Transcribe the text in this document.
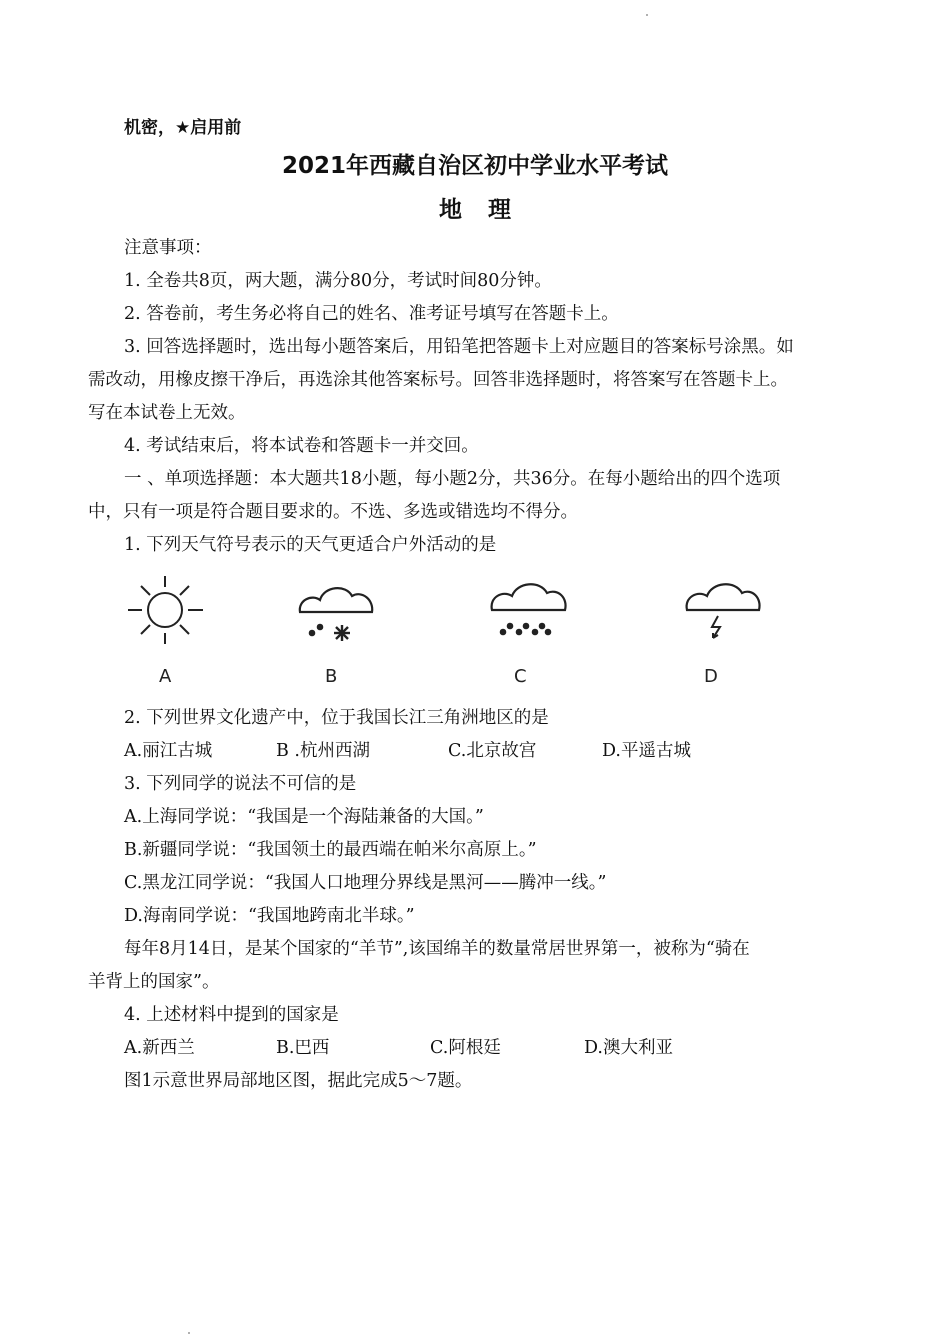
机密，★启用前
2021年西藏自治区初中学业水平考试
地理
注意事项：
1. 全卷共8页，两大题，满分80分，考试时间80分钟。
2. 答卷前，考生务必将自己的姓名、准考证号填写在答题卡上。
3. 回答选择题时，选出每小题答案后，用铅笔把答题卡上对应题目的答案标号涂黑。如
需改动，用橡皮擦干净后，再选涂其他答案标号。回答非选择题时，将答案写在答题卡上。
写在本试卷上无效。
4. 考试结束后，将本试卷和答题卡一并交回。
一 、单项选择题：本大题共18小题，每小题2分，共36分。在每小题给出的四个选项
中，只有一项是符合题目要求的。不选、多选或错选均不得分。
1. 下列天气符号表示的天气更适合户外活动的是
A	B	C	D
2. 下列世界文化遗产中，位于我国长江三角洲地区的是
A.丽江古城	B .杭州西湖	C.北京故宫	D.平遥古城
3. 下列同学的说法不可信的是
A.上海同学说：“我国是一个海陆兼备的大国。”
B.新疆同学说：“我国领土的最西端在帕米尔高原上。”
C.黑龙江同学说：“我国人口地理分界线是黑河——腾冲一线。”
D.海南同学说：“我国地跨南北半球。”
每年8月14日，是某个国家的“羊节”,该国绵羊的数量常居世界第一，被称为“骑在
羊背上的国家”。
4. 上述材料中提到的国家是
A.新西兰	B.巴西	C.阿根廷	D.澳大利亚
图1示意世界局部地区图，据此完成5～7题。
